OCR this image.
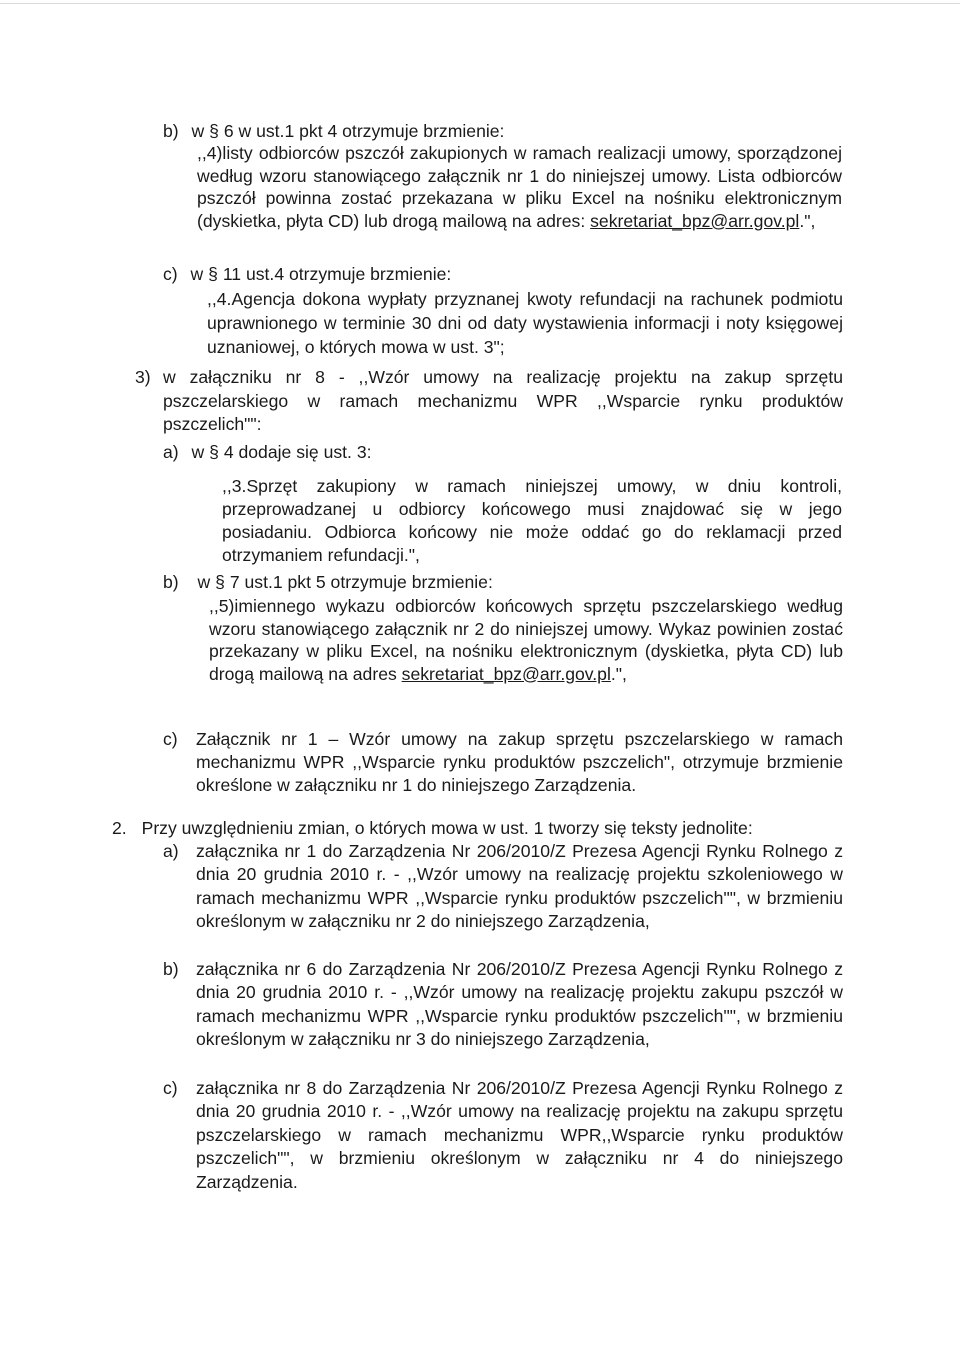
b) w § 6 w ust.1 pkt 4 otrzymuje brzmienie:
,,4)listy odbiorców pszczół zakupionych w ramach realizacji umowy, sporządzonej według wzoru stanowiącego załącznik nr 1 do niniejszej umowy. Lista odbiorców pszczół powinna zostać przekazana w pliku Excel na nośniku elektronicznym (dyskietka, płyta CD) lub drogą mailową na adres: sekretariat_bpz@arr.gov.pl.",
c) w § 11 ust.4 otrzymuje brzmienie:
,,4.Agencja dokona wypłaty przyznanej kwoty refundacji na rachunek podmiotu uprawnionego w terminie 30 dni od daty wystawienia informacji i noty księgowej uznaniowej, o których mowa w ust. 3";
3) w załączniku nr 8 - ,,Wzór umowy na realizację projektu na zakup sprzętu pszczelarskiego w ramach mechanizmu WPR ,,Wsparcie rynku produktów pszczelich"":
a) w § 4 dodaje się ust. 3:
,,3.Sprzęt zakupiony w ramach niniejszej umowy, w dniu kontroli, przeprowadzanej u odbiorcy końcowego musi znajdować się w jego posiadaniu. Odbiorca końcowy nie może oddać go do reklamacji przed otrzymaniem refundacji.",
b) w § 7 ust.1 pkt 5 otrzymuje brzmienie:
,,5)imiennego wykazu odbiorców końcowych sprzętu pszczelarskiego według wzoru stanowiącego załącznik nr 2 do niniejszej umowy. Wykaz powinien zostać przekazany w pliku Excel, na nośniku elektronicznym (dyskietka, płyta CD) lub drogą mailową na adres sekretariat_bpz@arr.gov.pl.",
c) Załącznik nr 1 – Wzór umowy na zakup sprzętu pszczelarskiego w ramach mechanizmu WPR ,,Wsparcie rynku produktów pszczelich", otrzymuje brzmienie określone w załączniku nr 1 do niniejszego Zarządzenia.
2. Przy uwzględnieniu zmian, o których mowa w ust. 1 tworzy się teksty jednolite:
a) załącznika nr 1 do Zarządzenia Nr 206/2010/Z Prezesa Agencji Rynku Rolnego z dnia 20 grudnia 2010 r. - ,,Wzór umowy na realizację projektu szkoleniowego w ramach mechanizmu WPR ,,Wsparcie rynku produktów pszczelich"", w brzmieniu określonym w załączniku nr 2 do niniejszego Zarządzenia,
b) załącznika nr 6 do Zarządzenia Nr 206/2010/Z Prezesa Agencji Rynku Rolnego z dnia 20 grudnia 2010 r. - ,,Wzór umowy na realizację projektu zakupu pszczół w ramach mechanizmu WPR ,,Wsparcie rynku produktów pszczelich"", w brzmieniu określonym w załączniku nr 3 do niniejszego Zarządzenia,
c) załącznika nr 8 do Zarządzenia Nr 206/2010/Z Prezesa Agencji Rynku Rolnego z dnia 20 grudnia 2010 r. - ,,Wzór umowy na realizację projektu na zakupu sprzętu pszczelarskiego w ramach mechanizmu WPR,,Wsparcie rynku produktów pszczelich"", w brzmieniu określonym w załączniku nr 4 do niniejszego Zarządzenia.
